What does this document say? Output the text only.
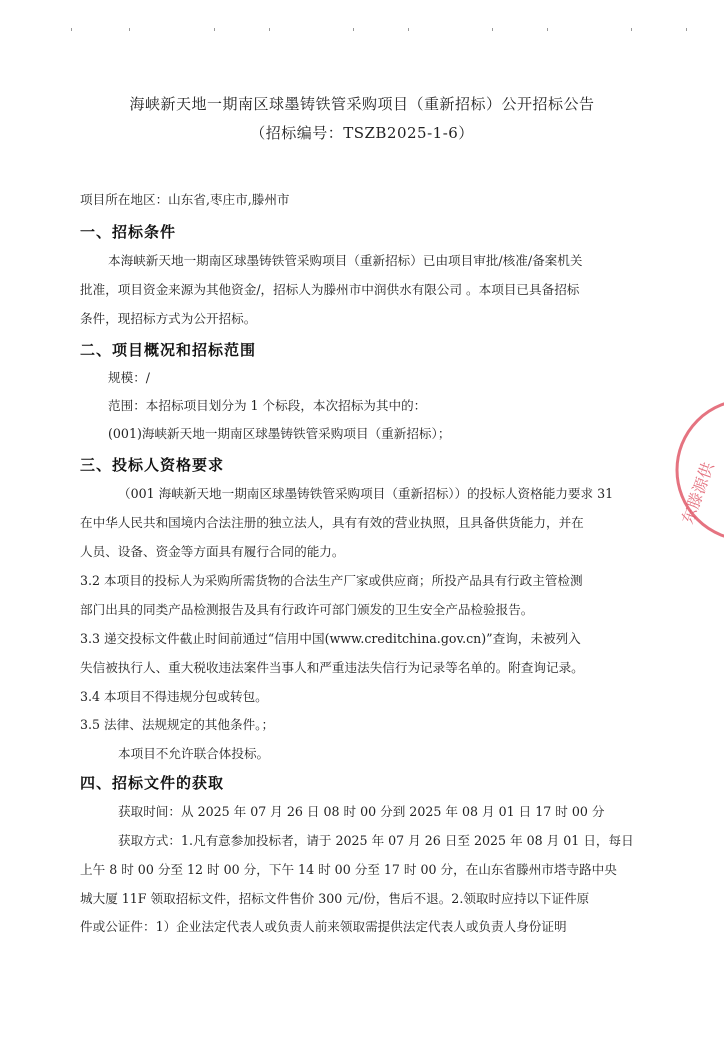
海峡新天地一期南区球墨铸铁管采购项目（重新招标）公开招标公告
（招标编号：TSZB2025-1-6）
项目所在地区：山东省,枣庄市,滕州市
一、招标条件
本海峡新天地一期南区球墨铸铁管采购项目（重新招标）已由项目审批/核准/备案机关
批准，项目资金来源为其他资金/，招标人为滕州市中润供水有限公司 。本项目已具备招标
条件，现招标方式为公开招标。
二、项目概况和招标范围
规模：/
范围：本招标项目划分为 1 个标段，本次招标为其中的：
(001)海峡新天地一期南区球墨铸铁管采购项目（重新招标）；
三、投标人资格要求
（001 海峡新天地一期南区球墨铸铁管采购项目（重新招标））的投标人资格能力要求 31
在中华人民共和国境内合法注册的独立法人，具有有效的营业执照，且具备供货能力，并在
人员、设备、资金等方面具有履行合同的能力。
3.2 本项目的投标人为采购所需货物的合法生产厂家或供应商；所投产品具有行政主管检测
部门出具的同类产品检测报告及具有行政许可部门颁发的卫生安全产品检验报告。
3.3 递交投标文件截止时间前通过“信用中国(www.creditchina.gov.cn)”查询，未被列入
失信被执行人、重大税收违法案件当事人和严重违法失信行为记录等名单的。附查询记录。
3.4 本项目不得违规分包或转包。
3.5 法律、法规规定的其他条件。；
本项目不允许联合体投标。
四、招标文件的获取
获取时间：从 2025 年 07 月 26 日 08 时 00 分到 2025 年 08 月 01 日 17 时 00 分
获取方式：1.凡有意参加投标者，请于 2025 年 07 月 26 日至 2025 年 08 月 01 日，每日
上午 8 时 00 分至 12 时 00 分，下午 14 时 00 分至 17 时 00 分，在山东省滕州市塔寺路中央
城大厦 11F 领取招标文件，招标文件售价 300 元/份，售后不退。2.领取时应持以下证件原
件或公证件：1）企业法定代表人或负责人前来领取需提供法定代表人或负责人身份证明
东滕源供
